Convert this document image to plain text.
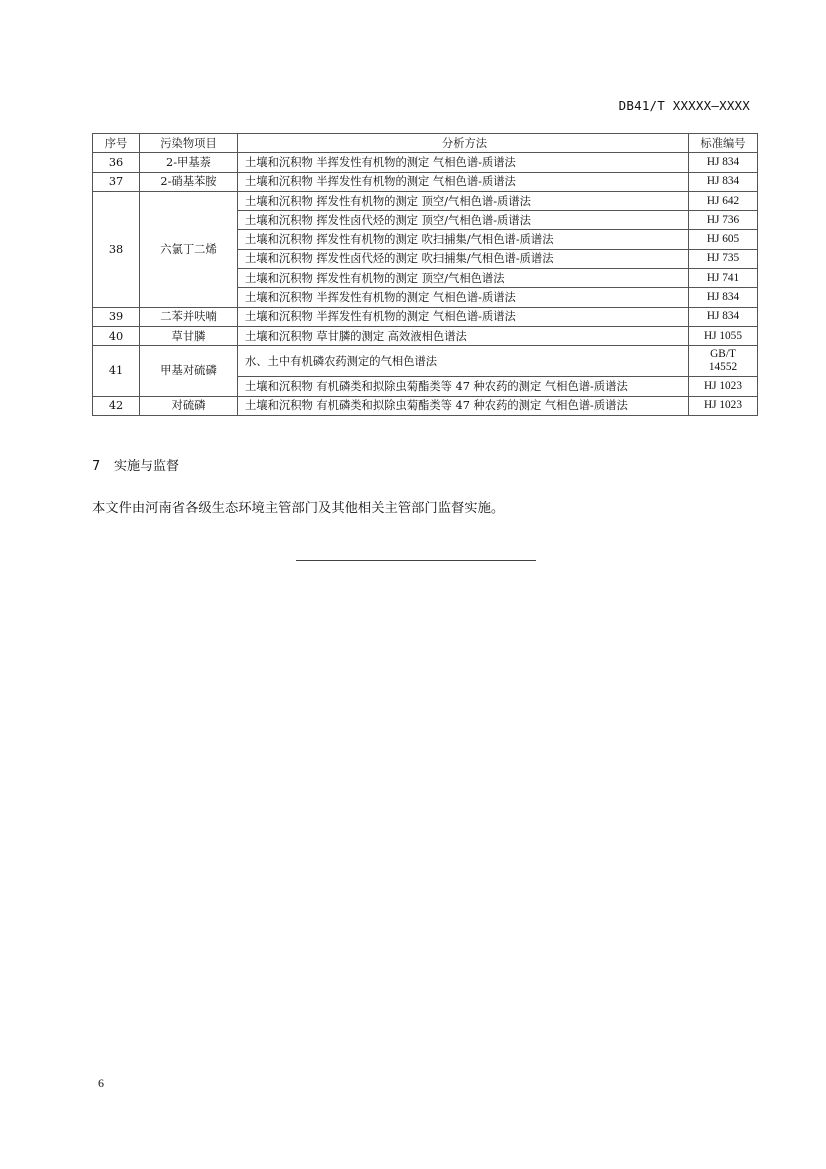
DB41/T XXXXX—XXXX
序号	污染物项目	分析方法	标准编号
36	2-甲基萘	土壤和沉积物 半挥发性有机物的测定 气相色谱-质谱法	HJ 834
37	2-硝基苯胺	土壤和沉积物 半挥发性有机物的测定 气相色谱-质谱法	HJ 834
38	六氯丁二烯	土壤和沉积物 挥发性有机物的测定 顶空/气相色谱-质谱法	HJ 642
		土壤和沉积物 挥发性卤代烃的测定 顶空/气相色谱-质谱法	HJ 736
		土壤和沉积物 挥发性有机物的测定 吹扫捕集/气相色谱-质谱法	HJ 605
		土壤和沉积物 挥发性卤代烃的测定 吹扫捕集/气相色谱-质谱法	HJ 735
		土壤和沉积物 挥发性有机物的测定 顶空/气相色谱法	HJ 741
		土壤和沉积物 半挥发性有机物的测定 气相色谱-质谱法	HJ 834
39	二苯并呋喃	土壤和沉积物 半挥发性有机物的测定 气相色谱-质谱法	HJ 834
40	草甘膦	土壤和沉积物 草甘膦的测定 高效液相色谱法	HJ 1055
41	甲基对硫磷	水、土中有机磷农药测定的气相色谱法	GB/T
14552
		土壤和沉积物 有机磷类和拟除虫菊酯类等 47 种农药的测定 气相色谱-质谱法	HJ 1023
42	对硫磷	土壤和沉积物 有机磷类和拟除虫菊酯类等 47 种农药的测定 气相色谱-质谱法	HJ 1023
7 实施与监督
本文件由河南省各级生态环境主管部门及其他相关主管部门监督实施。
6
